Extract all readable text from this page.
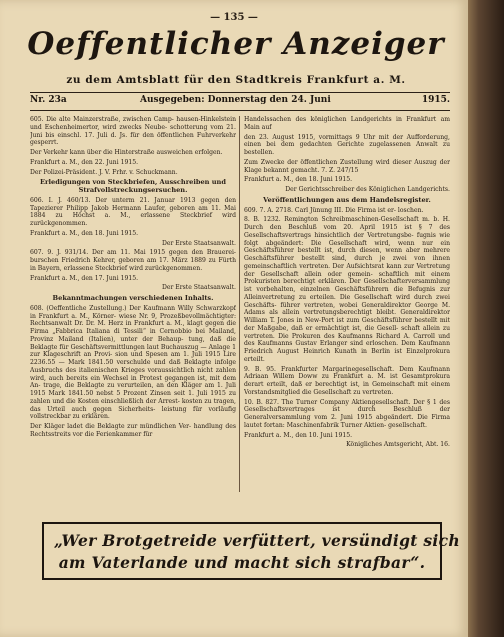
— 135 —
Oeffentlicher Anzeiger
zu dem Amtsblatt für den Stadtkreis Frankfurt a. M.
Nr. 23a	Ausgegeben: Donnerstag den 24. Juni	1915.

605. Die alte Mainzerstraße, zwischen Camp- hausen-Hinkelstein und Eschenheimertor, wird zwecks Neube- schotterung vom 21. Juni bis einschl. 17. Juli d. Js. für den öffentlichen Fuhrverkehr gesperrt.

Der Verkehr kann über die Hinterstraße ausweichen erfolgen.

Frankfurt a. M., den 22. Juni 1915.

Der Polizei-Präsident. J. V. Frhr. v. Schuckmann.

Erledigungen von Steckbriefen, Ausschreiben und Strafvollstreckungsersuchen.

606. I. J. 460/13. Der unterm 21. Januar 1913 gegen den Tapezierer Philipp Jakob Hermann Laufer, geboren am 11. Mai 1884 zu Höchst a. M., erlassene Steckbrief wird zurückgenommen.

Frankfurt a. M., den 18. Juni 1915.

Der Erste Staatsanwalt.

607. 9. J. 931/14. Der am 11. Mai 1915 gegen den Brauerei- burschen Friedrich Kehrer, geboren am 17. März 1889 zu Fürth in Bayern, erlassene Steckbrief wird zurückgenommen.

Frankfurt a. M., den 17. Juni 1915.

Der Erste Staatsanwalt.

Bekanntmachungen verschiedenen Inhalts.

608. (Oeffentliche Zustellung.) Der Kaufmann Willy Schwarzkopf in Frankfurt a. M., Körner- wiese Nr. 9, Prozeßbevollmächtigter: Rechtsanwalt Dr. Dr. M. Herz in Frankfurt a. M., klagt gegen die Firma „Fabbrica Italiana di Tessili“ in Cernobbio bei Mailand, Provinz Mailand (Italien), unter der Behaup- tung, daß die Beklagte für Geschäftsvermittlungen laut Buchauszug — Anlage 1 zur Klageschrift an Provi- sion und Spesen am 1. Juli 1915 Lire 2236.55 — Mark 1841.50 verschulde und daß Beklagte infolge Ausbruchs des italienischen Krieges voraussichtlich nicht zahlen wird, auch bereits ein Wechsel in Protest gegangen ist, mit dem An- trage, die Beklagte zu verurteilen, an den Kläger am 1. Juli 1915 Mark 1841.50 nebst 5 Prozent Zinsen seit 1. Juli 1915 zu zahlen und die Kosten einschließlich der Arrest- kosten zu tragen, das Urteil auch gegen Sicherheits- leistung für vorläufig vollstreckbar zu erklären.

Der Kläger ladet die Beklagte zur mündlichen Ver- handlung des Rechtsstreits vor die Ferienkammer für

Handelssachen des königlichen Landgerichts in Frankfurt am Main auf

den 23. August 1915, vormittags 9 Uhr mit der Aufforderung, einen bei dem gedachten Gerichte zugelassenen Anwalt zu bestellen.

Zum Zwecke der öffentlichen Zustellung wird dieser Auszug der Klage bekannt gemacht. 7. Z. 247/15

Frankfurt a. M., den 18. Juni 1915.

Der Gerichtsschreiber des Königlichen Landgerichts.

Veröffentlichungen aus dem Handelsregister.

609. 7. A. 2718. Carl Jünung III. Die Firma ist er- loschen.

8. B. 1232. Remington Schreibmaschinen-Gesellschaft m. b. H. Durch den Beschluß vom 20. April 1915 ist § 7 des Gesellschaftsvertrags hinsichtlich der Vertretungsbe- fugnis wie folgt abgeändert: Die Gesellschaft wird, wenn nur ein Geschäftsführer bestellt ist, durch diesen, wenn aber mehrere Geschäftsführer bestellt sind, durch je zwei von ihnen gemeinschaftlich vertreten. Der Aufsichtsrat kann zur Vertretung der Gesellschaft allein oder gemein- schaftlich mit einem Prokuristen berechtigt erklären. Der Gesellschafterversammlung ist vorbehalten, einzelnen Geschäftsführern die Befugnis zur Alleinvertretung zu erteilen. Die Gesellschaft wird durch zwei Geschäfts- führer vertreten, wobei Generaldirektor George M. Adams als allein vertretungsberechtigt bleibt. Generaldirektor William T. Jones in New-Port ist zum Geschäftsführer bestellt mit der Maßgabe, daß er ermächtigt ist, die Gesell- schaft allein zu vertreten. Die Prokuren des Kaufmanns Richard A. Carroll und des Kaufmanns Gustav Erlanger sind erloschen. Dem Kaufmann Friedrich August Heinrich Kunath in Berlin ist Einzelprokura erteilt.

9. B. 95. Frankfurter Margarinegesellschaft. Dem Kaufmann Adriaan Willem Doww zu Frankfurt a. M. ist Gesamtprokura derart erteilt, daß er berechtigt ist, in Gemeinschaft mit einem Vorstandsmitglied die Gesellschaft zu vertreten.

10. B. 827. The Turner Company Aktiengesellschaft. Der § 1 des Gesellschaftsvertrages ist durch Beschluß der Generalversammlung vom 2. Juni 1915 abgeändert. Die Firma lautet fortan: Maschinenfabrik Turner Aktien- gesellschaft.

Frankfurt a. M., den 10. Juni 1915.

Königliches Amtsgericht, Abt. 16.

„Wer Brotgetreide verfüttert, versündigt sich
am Vaterlande und macht sich strafbar“.
